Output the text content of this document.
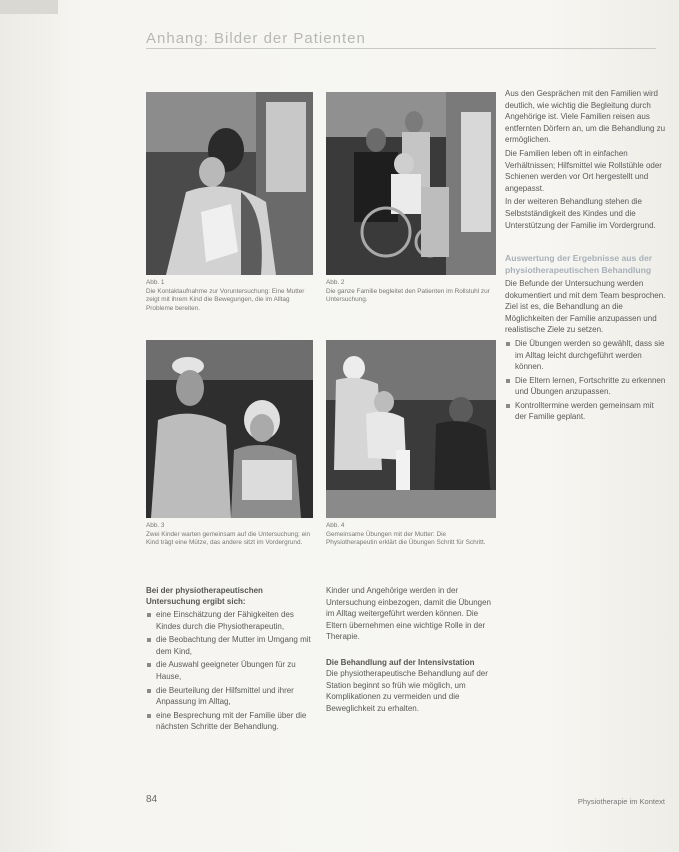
Anhang: Bilder der Patienten
Abb. 1
Die Kontaktaufnahme zur Voruntersuchung: Eine Mutter zeigt mit ihrem Kind die Bewegungen, die im Alltag Probleme bereiten.
Abb. 2
Die ganze Familie begleitet den Patienten im Rollstuhl zur Untersuchung.
Abb. 3
Zwei Kinder warten gemeinsam auf die Untersuchung; ein Kind trägt eine Mütze, das andere sitzt im Vordergrund.
Abb. 4
Gemeinsame Übungen mit der Mutter: Die Physiotherapeutin erklärt die Übungen Schritt für Schritt.

Bei der physiotherapeutischen Untersuchung ergibt sich:

eine Einschätzung der Fähigkeiten des Kindes durch die Physiotherapeutin,

die Beobachtung der Mutter im Umgang mit dem Kind,

die Auswahl geeigneter Übungen für zu Hause,

die Beurteilung der Hilfsmittel und ihrer Anpassung im Alltag,

eine Besprechung mit der Familie über die nächsten Schritte der Behandlung.

Kinder und Angehörige werden in der Untersuchung einbezogen, damit die Übungen im Alltag weitergeführt werden können. Die Eltern übernehmen eine wichtige Rolle in der Therapie.

Die Behandlung auf der Intensivstation

Die physiotherapeutische Behandlung auf der Station beginnt so früh wie möglich, um Komplikationen zu vermeiden und die Beweglichkeit zu erhalten.

Aus den Gesprächen mit den Familien wird deutlich, wie wichtig die Begleitung durch Angehörige ist. Viele Familien reisen aus entfernten Dörfern an, um die Behandlung zu ermöglichen.

Die Familien leben oft in einfachen Verhältnissen; Hilfsmittel wie Rollstühle oder Schienen werden vor Ort hergestellt und angepasst.

In der weiteren Behandlung stehen die Selbstständigkeit des Kindes und die Unterstützung der Familie im Vordergrund.

Auswertung der Ergebnisse aus der physiotherapeutischen Behandlung

Die Befunde der Untersuchung werden dokumentiert und mit dem Team besprochen. Ziel ist es, die Behandlung an die Möglichkeiten der Familie anzupassen und realistische Ziele zu setzen.

Die Übungen werden so gewählt, dass sie im Alltag leicht durchgeführt werden können.

Die Eltern lernen, Fortschritte zu erkennen und Übungen anzupassen.

Kontrolltermine werden gemeinsam mit der Familie geplant.

84	Physiotherapie im Kontext
